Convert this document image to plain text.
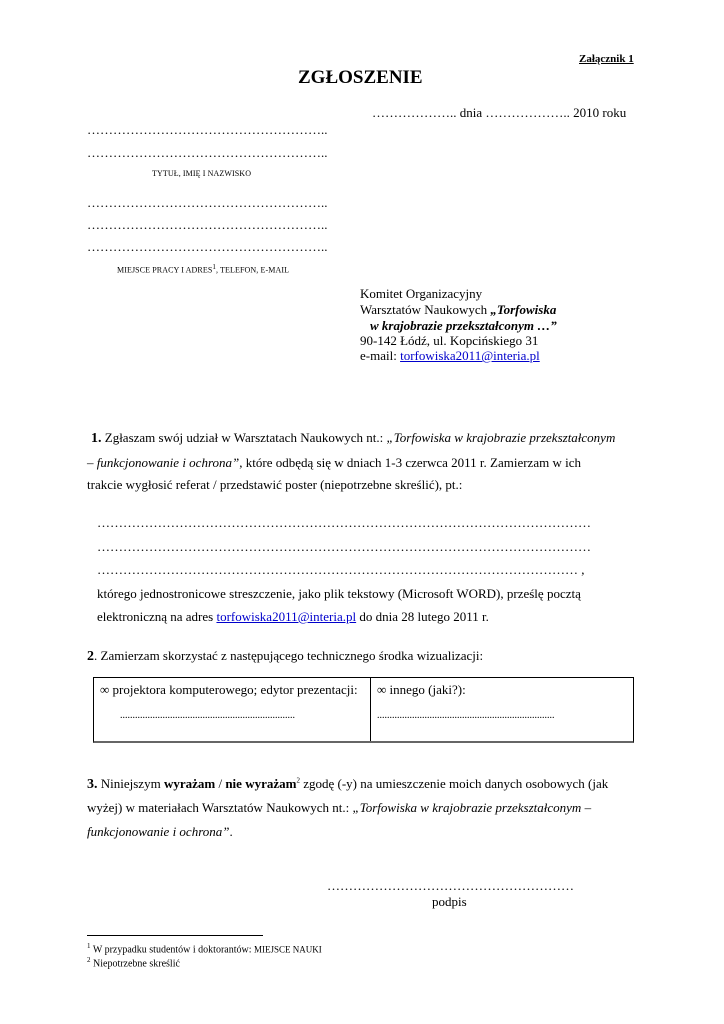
Załącznik 1
ZGŁOSZENIE
……………….. dnia ……………….. 2010 roku
………………………………………………..
………………………………………………..
TYTUŁ, IMIĘ I NAZWISKO
………………………………………………..
………………………………………………..
………………………………………………..
MIEJSCE PRACY I ADRES$^1$, TELEFON, E-MAIL
Komitet Organizacyjny
Warsztatów Naukowych „Torfowiska
w krajobrazie przekształconym …”
90-142 Łódź, ul. Kopcińskiego 31
e-mail: torfowiska2011@interia.pl
1. Zgłaszam swój udział w Warsztatach Naukowych nt.: „Torfowiska w krajobrazie przekształconym
– funkcjonowanie i ochrona”, które odbędą się w dniach 1-3 czerwca 2011 r. Zamierzam w ich
trakcie wygłosić referat / przedstawić poster (niepotrzebne skreślić), pt.:
……………………………………………………………………………………………………
……………………………………………………………………………………………………
………………………………………………………………………………………………… ,
którego jednostronicowe streszczenie, jako plik tekstowy (Microsoft WORD), prześlę pocztą
elektroniczną na adres torfowiska2011@interia.pl do dnia 28 lutego 2011 r.
2. Zamierzam skorzystać z następującego technicznego środka wizualizacji:
∞ projektora komputerowego; edytor prezentacji:
......................................................................
∞ innego (jaki?):
.......................................................................
3. Niniejszym wyrażam / nie wyrażam$^2$ zgodę (-y) na umieszczenie moich danych osobowych (jak
wyżej) w materiałach Warsztatów Naukowych nt.: „Torfowiska w krajobrazie przekształconym –
funkcjonowanie i ochrona”.
…………………………………………………
podpis
$^1$ W przypadku studentów i doktorantów: MIEJSCE NAUKI
$^2$ Niepotrzebne skreślić
